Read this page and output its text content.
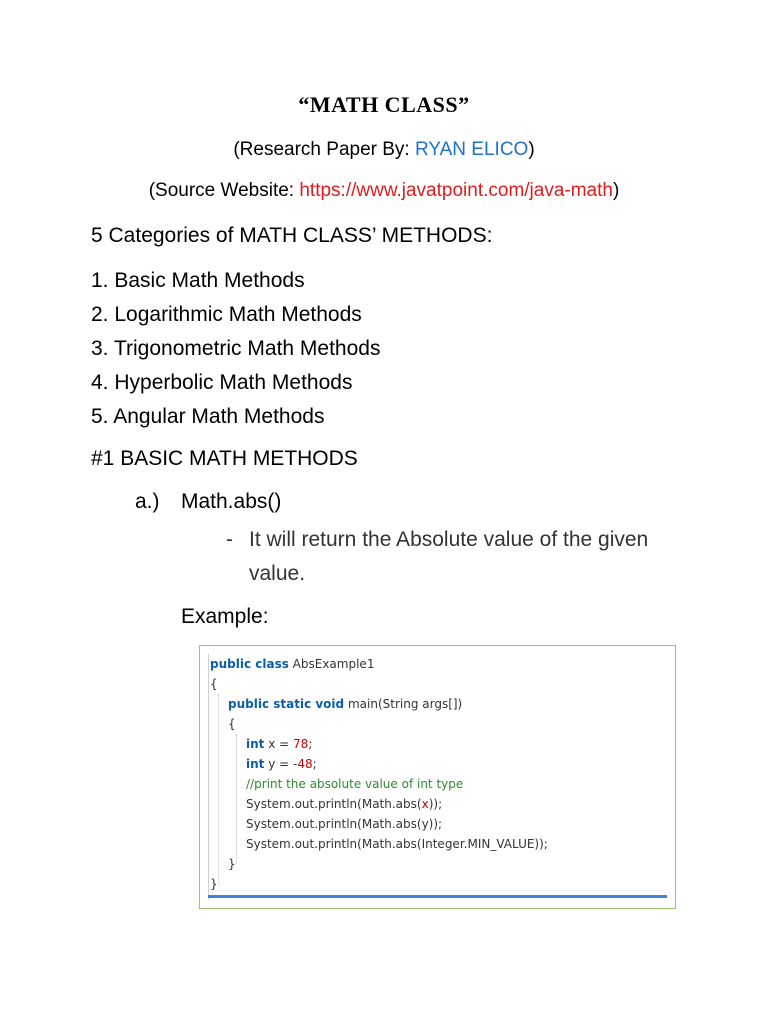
“MATH CLASS”
(Research Paper By: RYAN ELICO)
(Source Website: https://www.javatpoint.com/java-math)
5 Categories of MATH CLASS’ METHODS:
1. Basic Math Methods
2. Logarithmic Math Methods
3. Trigonometric Math Methods
4. Hyperbolic Math Methods
5. Angular Math Methods
#1 BASIC MATH METHODS
a.)	Math.abs()
- It will return the Absolute value of the given value.
Example:
public class AbsExample1
{
public static void main(String args[])
{
int x = 78;
int y = -48;
//print the absolute value of int type
System.out.println(Math.abs(x));
System.out.println(Math.abs(y));
System.out.println(Math.abs(Integer.MIN_VALUE));
}
}
